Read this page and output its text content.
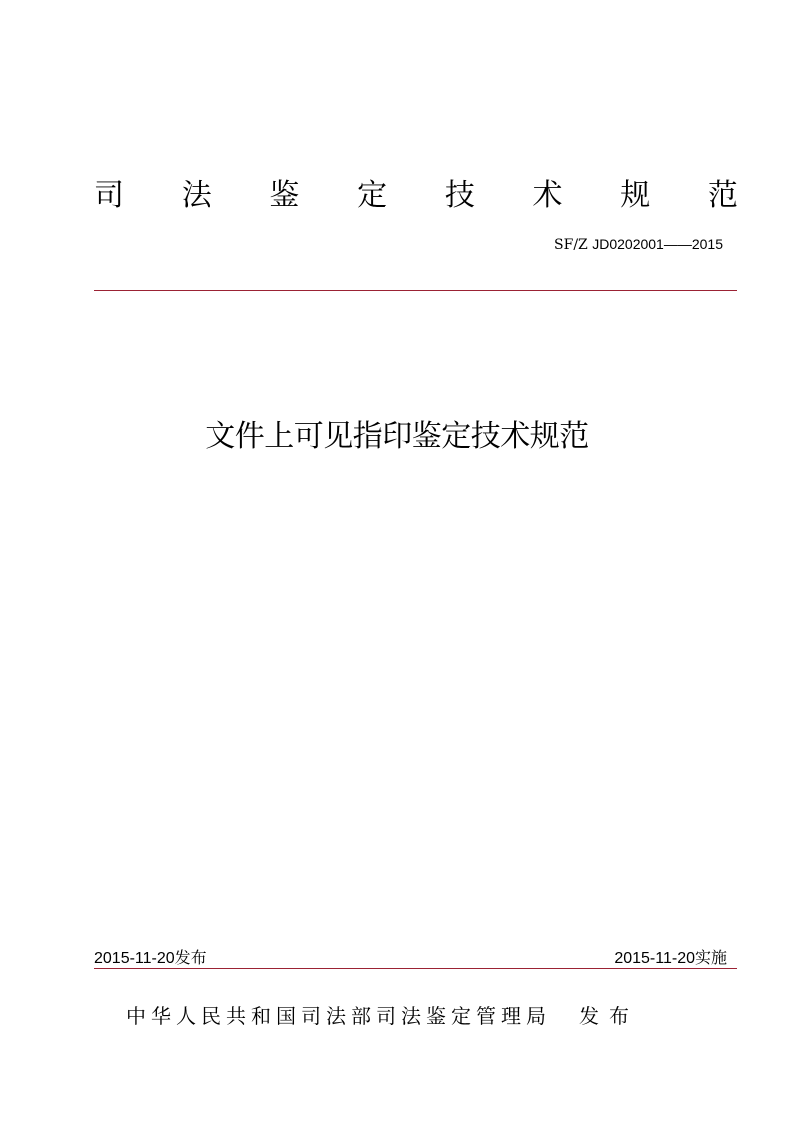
司 法 鉴 定 技 术 规 范
SF/Z JD0202001——2015
文件上可见指印鉴定技术规范
2015-11-20发布	2015-11-20实施
中华人民共和国司法部司法鉴定管理局 发布
